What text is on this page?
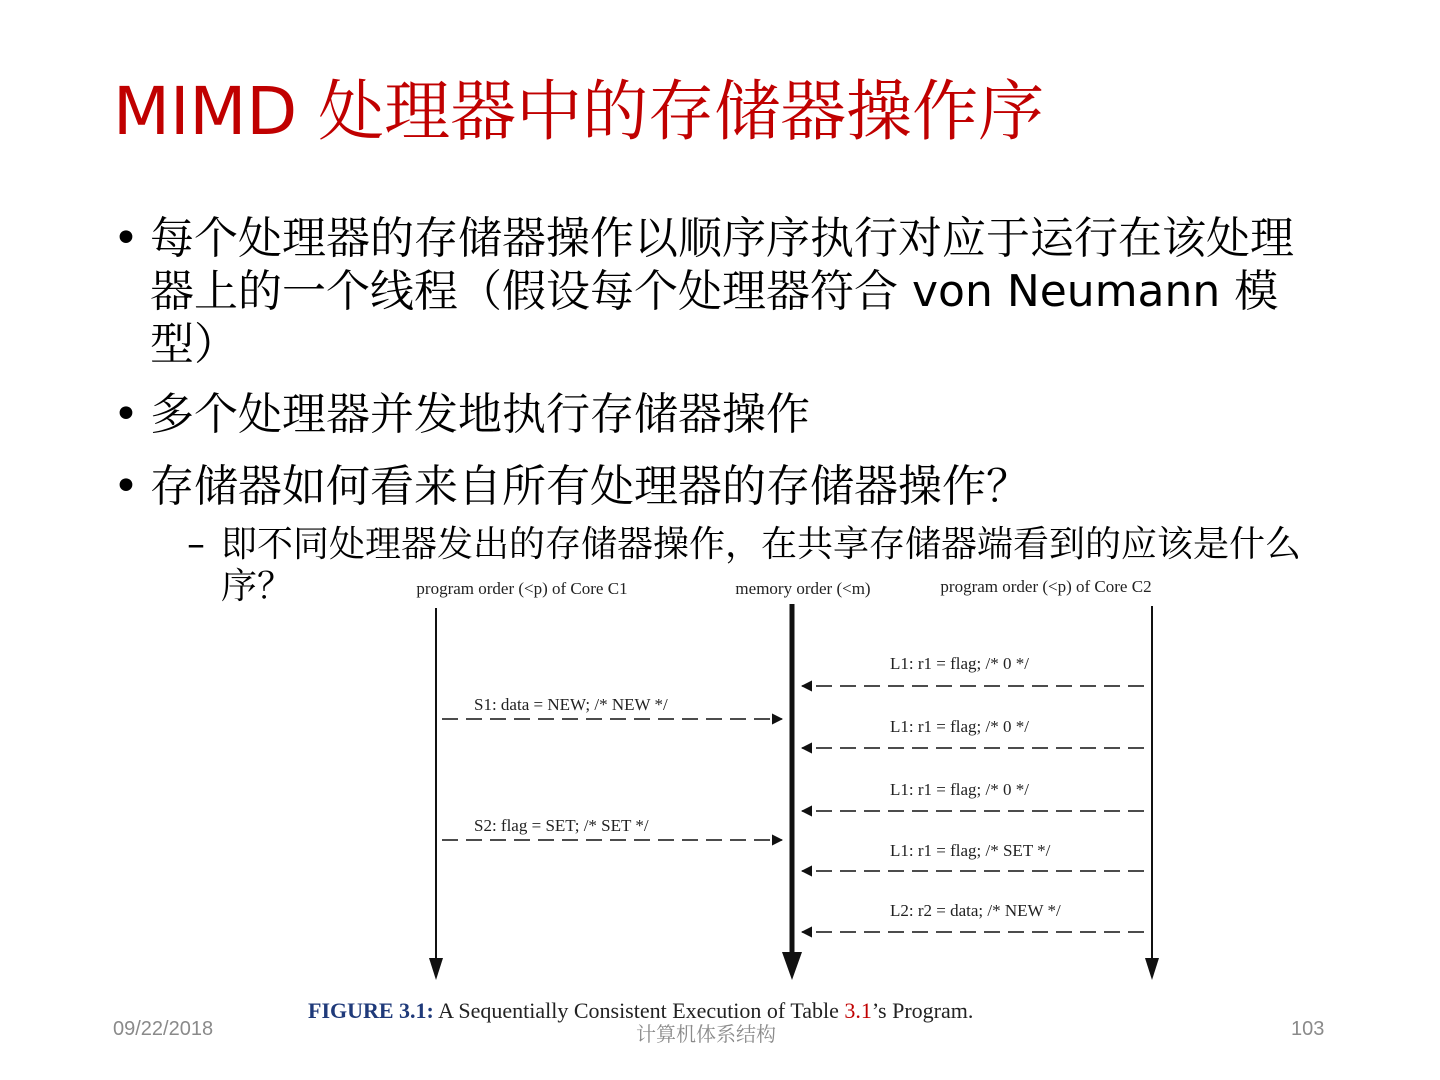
MIMD 处理器中的存储器操作序
• 每个处理器的存储器操作以顺序序执行对应于运行在该处理器上的一个线程（假设每个处理器符合 von Neumann 模型）
• 多个处理器并发地执行存储器操作
• 存储器如何看来自所有处理器的存储器操作？
– 即不同处理器发出的存储器操作，在共享存储器端看到的应该是什么序？	program order (<p) of Core C1	memory order (<m)	program order (<p) of Core C2
S1: data = NEW; /* NEW */
S2: flag = SET; /* SET */
L1: r1 = flag; /* 0 */
L1: r1 = flag; /* 0 */
L1: r1 = flag; /* 0 */
L1: r1 = flag; /* SET */
L2: r2 = data; /* NEW */
FIGURE 3.1: A Sequentially Consistent Execution of Table 3.1’s Program.
09/22/2018	计算机体系结构	103
